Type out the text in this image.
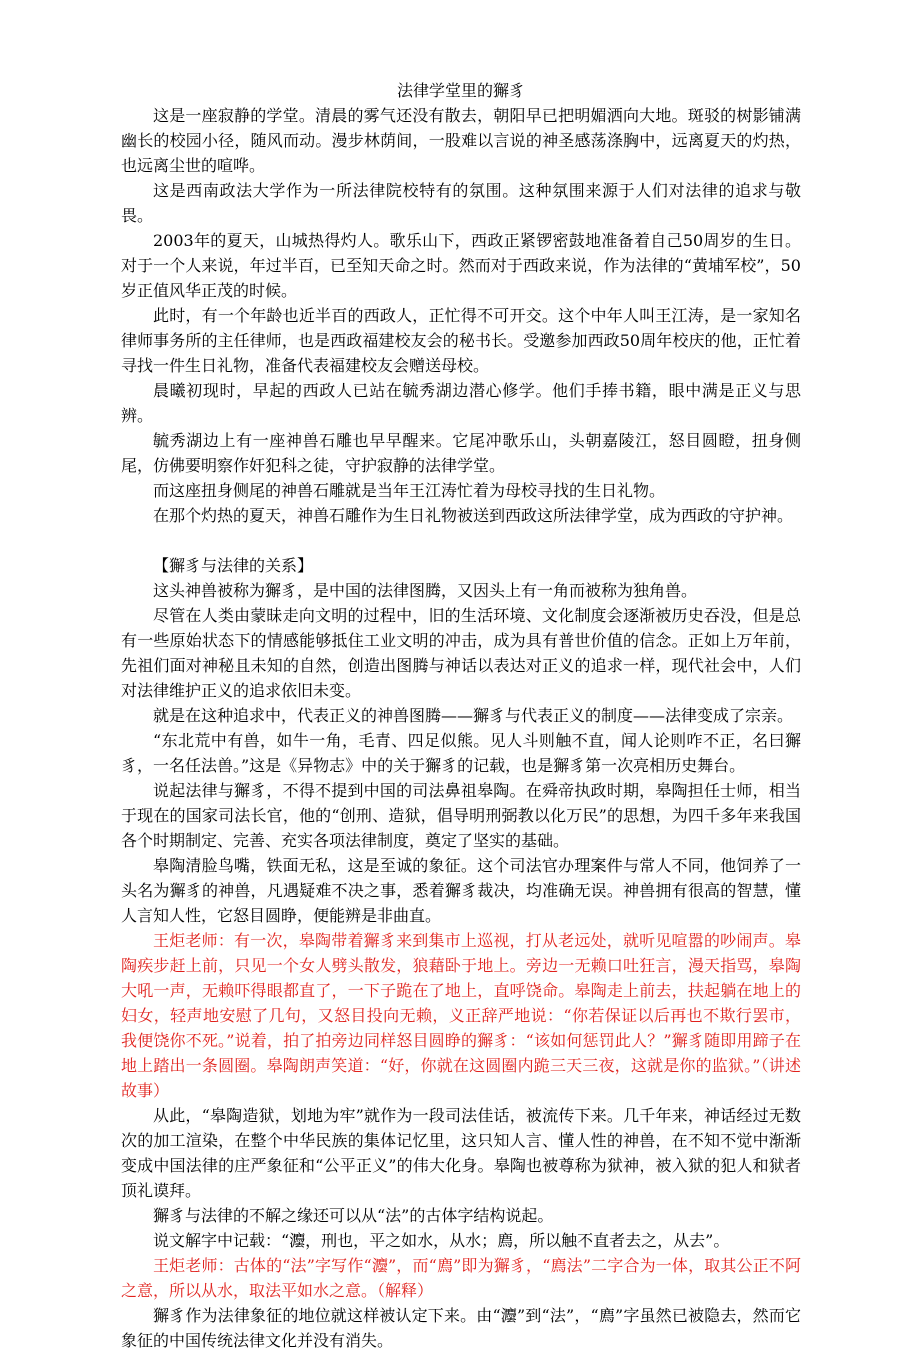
法律学堂里的獬豸

这是一座寂静的学堂。清晨的雾气还没有散去，朝阳早已把明媚洒向大地。斑驳的树影铺满幽长的校园小径，随风而动。漫步林荫间，一股难以言说的神圣感荡涤胸中，远离夏天的灼热，也远离尘世的喧哗。

这是西南政法大学作为一所法律院校特有的氛围。这种氛围来源于人们对法律的追求与敬畏。

2003年的夏天，山城热得灼人。歌乐山下，西政正紧锣密鼓地准备着自己50周岁的生日。对于一个人来说，年过半百，已至知天命之时。然而对于西政来说，作为法律的“黄埔军校”，50岁正值风华正茂的时候。

此时，有一个年龄也近半百的西政人，正忙得不可开交。这个中年人叫王江涛，是一家知名律师事务所的主任律师，也是西政福建校友会的秘书长。受邀参加西政50周年校庆的他，正忙着寻找一件生日礼物，准备代表福建校友会赠送母校。

晨曦初现时，早起的西政人已站在毓秀湖边潜心修学。他们手捧书籍，眼中满是正义与思辨。

毓秀湖边上有一座神兽石雕也早早醒来。它尾冲歌乐山，头朝嘉陵江，怒目圆瞪，扭身侧尾，仿佛要明察作奸犯科之徒，守护寂静的法律学堂。

而这座扭身侧尾的神兽石雕就是当年王江涛忙着为母校寻找的生日礼物。

在那个灼热的夏天，神兽石雕作为生日礼物被送到西政这所法律学堂，成为西政的守护神。

【獬豸与法律的关系】

这头神兽被称为獬豸，是中国的法律图腾，又因头上有一角而被称为独角兽。

尽管在人类由蒙昧走向文明的过程中，旧的生活环境、文化制度会逐渐被历史吞没，但是总有一些原始状态下的情感能够抵住工业文明的冲击，成为具有普世价值的信念。正如上万年前，先祖们面对神秘且未知的自然，创造出图腾与神话以表达对正义的追求一样，现代社会中，人们对法律维护正义的追求依旧未变。

就是在这种追求中，代表正义的神兽图腾——獬豸与代表正义的制度——法律变成了宗亲。

“东北荒中有兽，如牛一角，毛青、四足似熊。见人斗则触不直，闻人论则咋不正，名曰獬豸，一名任法兽。”这是《异物志》中的关于獬豸的记载，也是獬豸第一次亮相历史舞台。

说起法律与獬豸，不得不提到中国的司法鼻祖皋陶。在舜帝执政时期，皋陶担任士师，相当于现在的国家司法长官，他的“创刑、造狱，倡导明刑弼教以化万民”的思想，为四千多年来我国各个时期制定、完善、充实各项法律制度，奠定了坚实的基础。

皋陶清脸鸟嘴，铁面无私，这是至诚的象征。这个司法官办理案件与常人不同，他饲养了一头名为獬豸的神兽，凡遇疑难不决之事，悉着獬豸裁决，均准确无误。神兽拥有很高的智慧，懂人言知人性，它怒目圆睁，便能辨是非曲直。

王炬老师：有一次，皋陶带着獬豸来到集市上巡视，打从老远处，就听见喧嚣的吵闹声。皋陶疾步赶上前，只见一个女人劈头散发，狼藉卧于地上。旁边一无赖口吐狂言，漫天指骂，皋陶大吼一声，无赖吓得眼都直了，一下子跪在了地上，直呼饶命。皋陶走上前去，扶起躺在地上的妇女，轻声地安慰了几句，又怒目投向无赖，义正辞严地说：“你若保证以后再也不欺行罢市，我便饶你不死。”说着，拍了拍旁边同样怒目圆睁的獬豸：“该如何惩罚此人？”獬豸随即用蹄子在地上踏出一条圆圈。皋陶朗声笑道：“好，你就在这圆圈内跪三天三夜，这就是你的监狱。”（讲述故事）

从此，“皋陶造狱，划地为牢”就作为一段司法佳话，被流传下来。几千年来，神话经过无数次的加工渲染，在整个中华民族的集体记忆里，这只知人言、懂人性的神兽，在不知不觉中渐渐变成中国法律的庄严象征和“公平正义”的伟大化身。皋陶也被尊称为狱神，被入狱的犯人和狱者顶礼谟拜。

獬豸与法律的不解之缘还可以从“法”的古体字结构说起。

说文解字中记载：“灋，刑也，平之如水，从水；廌，所以触不直者去之，从去”。

王炬老师：古体的“法”字写作“灋”，而“廌”即为獬豸，“廌法”二字合为一体，取其公正不阿之意，所以从水，取法平如水之意。（解释）

獬豸作为法律象征的地位就这样被认定下来。由“灋”到“法”，“廌”字虽然已被隐去，然而它象征的中国传统法律文化并没有消失。
